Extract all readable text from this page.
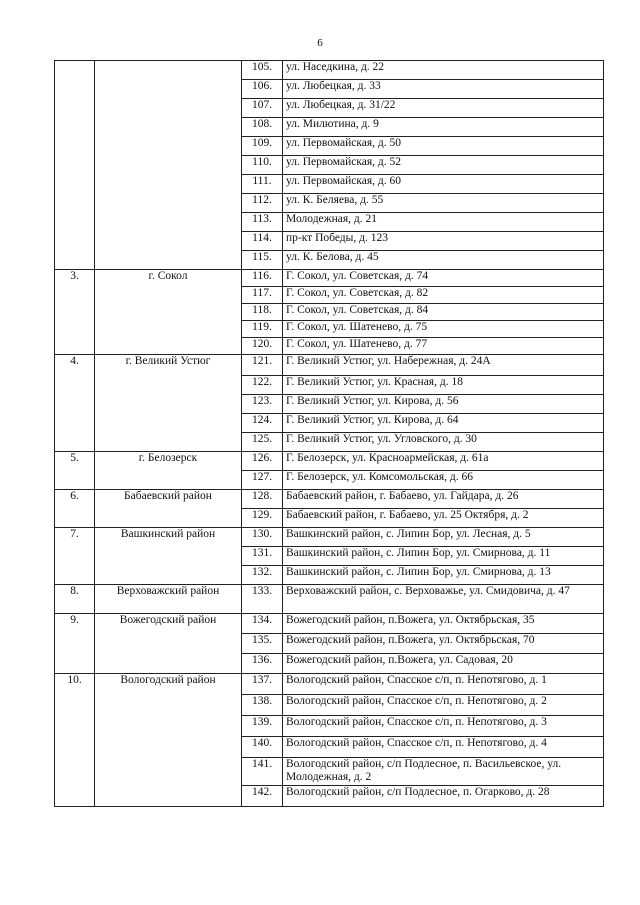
6
		105.	ул. Наседкина, д. 22
		106.	ул. Любецкая, д. 33
		107.	ул. Любецкая, д. 31/22
		108.	ул. Милютина, д. 9
		109.	ул. Первомайская, д. 50
		110.	ул. Первомайская, д. 52
		111.	ул. Первомайская, д. 60
		112.	ул. К. Беляева, д. 55
		113.	Молодежная, д. 21
		114.	пр-кт Победы, д. 123
		115.	ул. К. Белова, д. 45
3.	г. Сокол	116.	Г. Сокол, ул. Советская, д. 74
		117.	Г. Сокол, ул. Советская, д. 82
		118.	Г. Сокол, ул. Советская, д. 84
		119.	Г. Сокол, ул. Шатенево, д. 75
		120.	Г. Сокол, ул. Шатенево, д. 77
4.	г. Великий Устюг	121.	Г. Великий Устюг, ул. Набережная, д. 24А
		122.	Г. Великий Устюг, ул. Красная, д. 18
		123.	Г. Великий Устюг, ул. Кирова, д. 56
		124.	Г. Великий Устюг, ул. Кирова, д. 64
		125.	Г. Великий Устюг, ул. Угловского, д. 30
5.	г. Белозерск	126.	Г. Белозерск, ул. Красноармейская, д. 61а
		127.	Г. Белозерск, ул. Комсомольская, д. 66
6.	Бабаевский район	128.	Бабаевский район, г. Бабаево, ул. Гайдара, д. 26
		129.	Бабаевский район, г. Бабаево, ул. 25 Октября, д. 2
7.	Вашкинский район	130.	Вашкинский район, с. Липин Бор, ул. Лесная, д. 5
		131.	Вашкинский район, с. Липин Бор, ул. Смирнова, д. 11
		132.	Вашкинский район, с. Липин Бор, ул. Смирнова, д. 13
8.	Верховажский район	133.	Верховажский район, с. Верховажье, ул. Смидовича, д. 47
9.	Вожегодский район	134.	Вожегодский район, п.Вожега, ул. Октябрьская, 35
		135.	Вожегодский район, п.Вожега, ул. Октябрьская, 70
		136.	Вожегодский район, п.Вожега, ул. Садовая, 20
10.	Вологодский район	137.	Вологодский район, Спасское с/п, п. Непотягово, д. 1
		138.	Вологодский район, Спасское с/п, п. Непотягово, д. 2
		139.	Вологодский район, Спасское с/п, п. Непотягово, д. 3
		140.	Вологодский район, Спасское с/п, п. Непотягово, д. 4
		141.	Вологодский район, с/п Подлесное, п. Васильевское, ул. Молодежная, д. 2
		142.	Вологодский район, с/п Подлесное, п. Огарково, д. 28
